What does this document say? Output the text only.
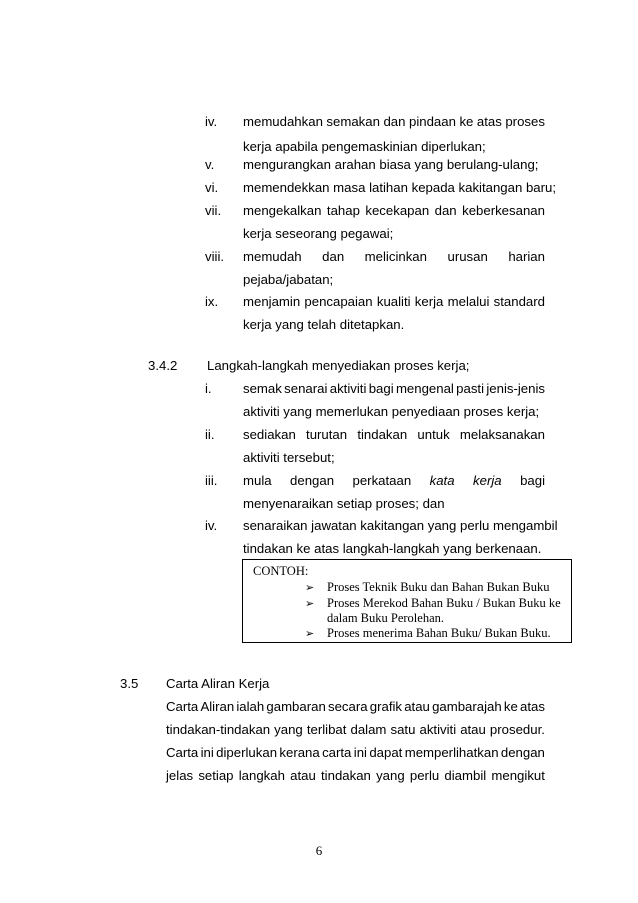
iv. memudahkan semakan dan pindaan ke atas proses
kerja apabila pengemaskinian diperlukan;
v. mengurangkan arahan biasa yang berulang-ulang;
vi. memendekkan masa latihan kepada kakitangan baru;
vii. mengekalkan tahap kecekapan dan keberkesanan
kerja seseorang pegawai;
viii. memudah dan melicinkan urusan harian
pejaba/jabatan;
ix. menjamin pencapaian kualiti kerja melalui standard
kerja yang telah ditetapkan.
3.4.2 Langkah-langkah menyediakan proses kerja;
i. semak senarai aktiviti bagi mengenal pasti jenis-jenis
aktiviti yang memerlukan penyediaan proses kerja;
ii. sediakan turutan tindakan untuk melaksanakan
aktiviti tersebut;
iii. mula dengan perkataan kata kerja bagi
menyenaraikan setiap proses; dan
iv. senaraikan jawatan kakitangan yang perlu mengambil
tindakan ke atas langkah-langkah yang berkenaan.
CONTOH:
➢ Proses Teknik Buku dan Bahan Bukan Buku
➢ Proses Merekod Bahan Buku / Bukan Buku ke
dalam Buku Perolehan.
➢ Proses menerima Bahan Buku/ Bukan Buku.
3.5 Carta Aliran Kerja
Carta Aliran ialah gambaran secara grafik atau gambarajah ke atas
tindakan-tindakan yang terlibat dalam satu aktiviti atau prosedur.
Carta ini diperlukan kerana carta ini dapat memperlihatkan dengan
jelas setiap langkah atau tindakan yang perlu diambil mengikut
6
